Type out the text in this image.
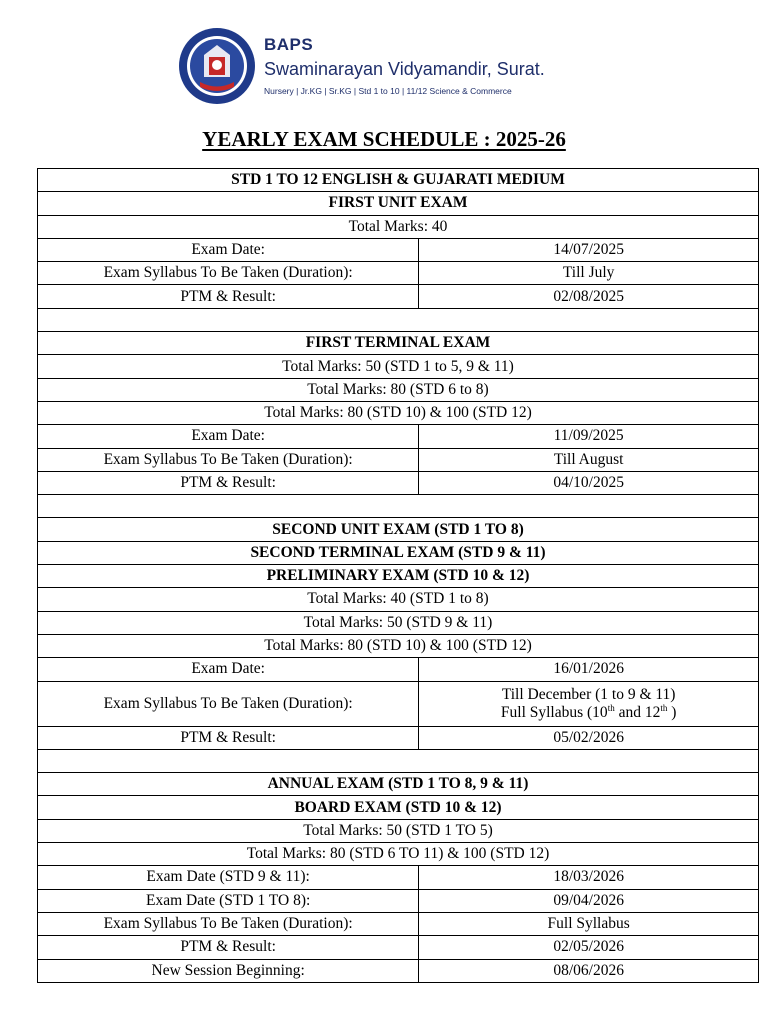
BAPS
Swaminarayan Vidyamandir, Surat.
Nursery | Jr.KG | Sr.KG | Std 1 to 10 | 11/12 Science & Commerce
YEARLY EXAM SCHEDULE : 2025-26
STD 1 TO 12 ENGLISH & GUJARATI MEDIUM	
FIRST UNIT EXAM	
Total Marks: 40	
Exam Date:	14/07/2025
Exam Syllabus To Be Taken (Duration):	Till July
PTM & Result:	02/08/2025

FIRST TERMINAL EXAM	
Total Marks: 50 (STD 1 to 5, 9 & 11)	
Total Marks: 80 (STD 6 to 8)	
Total Marks: 80 (STD 10) & 100 (STD 12)	
Exam Date:	11/09/2025
Exam Syllabus To Be Taken (Duration):	Till August
PTM & Result:	04/10/2025

SECOND UNIT EXAM (STD 1 TO 8)	
SECOND TERMINAL EXAM (STD 9 & 11)	
PRELIMINARY EXAM (STD 10 & 12)	
Total Marks: 40 (STD 1 to 8)	
Total Marks: 50 (STD 9 & 11)	
Total Marks: 80 (STD 10) & 100 (STD 12)	
Exam Date:	16/01/2026
Exam Syllabus To Be Taken (Duration):	Till December (1 to 9 & 11)
Full Syllabus (10th and 12th )

PTM & Result:	05/02/2026

ANNUAL EXAM (STD 1 TO 8, 9 & 11)	
BOARD EXAM (STD 10 & 12)	
Total Marks: 50 (STD 1 TO 5)	
Total Marks: 80 (STD 6 TO 11) & 100 (STD 12)	
Exam Date (STD 9 & 11):	18/03/2026
Exam Date (STD 1 TO 8):	09/04/2026
Exam Syllabus To Be Taken (Duration):	Full Syllabus
PTM & Result:	02/05/2026
New Session Beginning:	08/06/2026
